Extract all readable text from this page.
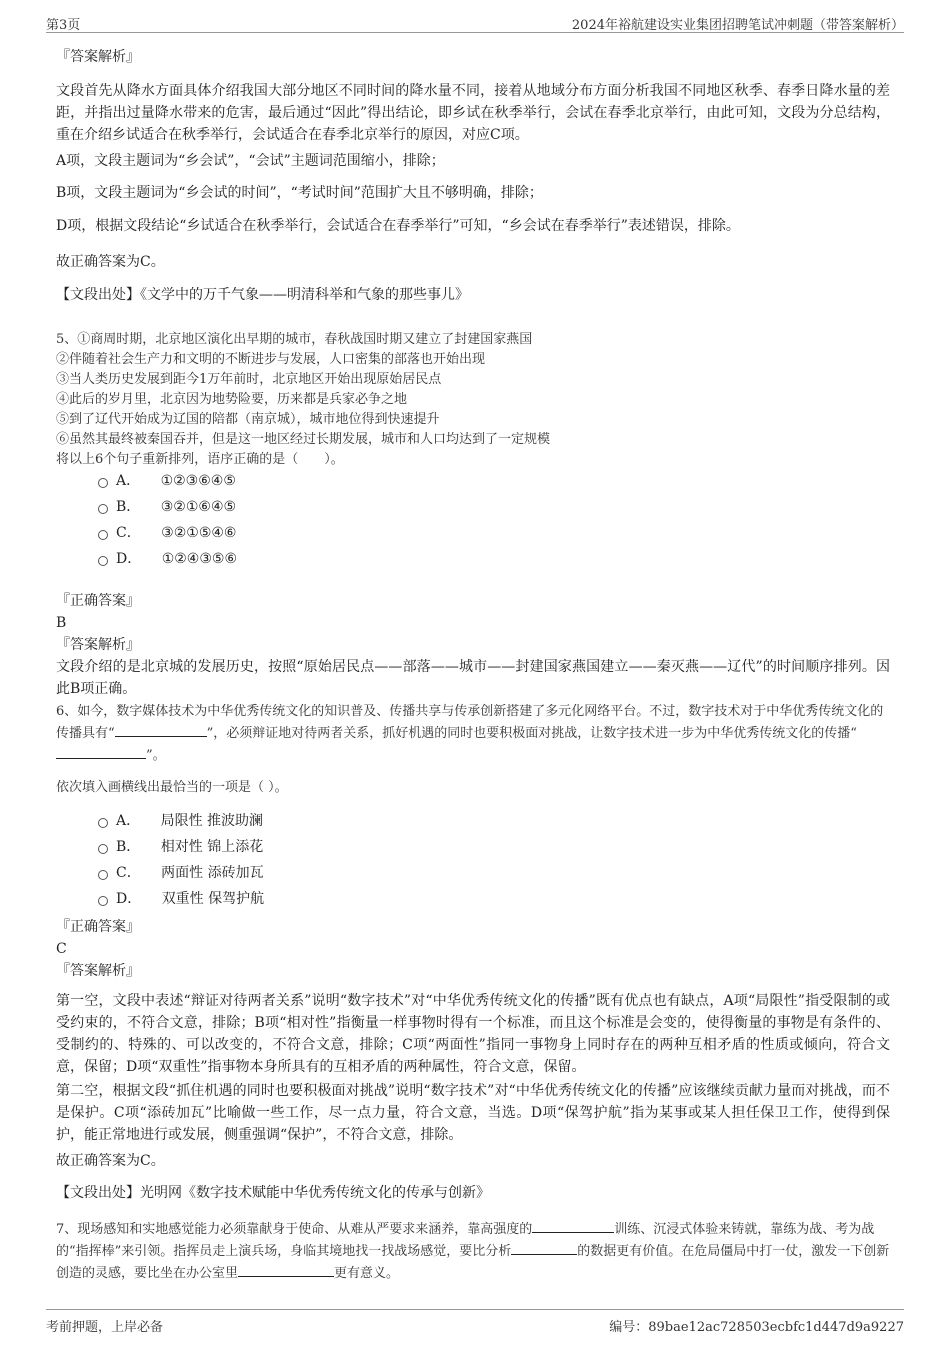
第3页	2024年裕航建设实业集团招聘笔试冲刺题（带答案解析）

『答案解析』

文段首先从降水方面具体介绍我国大部分地区不同时间的降水量不同，接着从地域分布方面分析我国不同地区秋季、春季日降水量的差距，并指出过量降水带来的危害，最后通过“因此”得出结论，即乡试在秋季举行，会试在春季北京举行，由此可知，文段为分总结构，重在介绍乡试适合在秋季举行，会试适合在春季北京举行的原因，对应C项。

A项，文段主题词为“乡会试”，“会试”主题词范围缩小，排除；

B项，文段主题词为“乡会试的时间”，“考试时间”范围扩大且不够明确，排除；

D项，根据文段结论“乡试适合在秋季举行，会试适合在春季举行”可知，“乡会试在春季举行”表述错误，排除。

故正确答案为C。

【文段出处】《文学中的万千气象——明清科举和气象的那些事儿》

5、①商周时期，北京地区演化出早期的城市，春秋战国时期又建立了封建国家燕国

②伴随着社会生产力和文明的不断进步与发展，人口密集的部落也开始出现

③当人类历史发展到距今1万年前时，北京地区开始出现原始居民点

④此后的岁月里，北京因为地势险要，历来都是兵家必争之地

⑤到了辽代开始成为辽国的陪都（南京城），城市地位得到快速提升

⑥虽然其最终被秦国吞并，但是这一地区经过长期发展，城市和人口均达到了一定规模

将以上6个句子重新排列，语序正确的是（　　）。

A． ①②③⑥④⑤
B． ③②①⑥④⑤
C． ③②①⑤④⑥
D． ①②④③⑤⑥

『正确答案』

B

『答案解析』

文段介绍的是北京城的发展历史，按照“原始居民点——部落——城市——封建国家燕国建立——秦灭燕——辽代”的时间顺序排列。因此B项正确。

6、如今，数字媒体技术为中华优秀传统文化的知识普及、传播共享与传承创新搭建了多元化网络平台。不过，数字技术对于中华优秀传统文化的传播具有“	”，必须辩证地对待两者关系，抓好机遇的同时也要积极面对挑战，让数字技术进一步为中华优秀传统文化的传播“”。

依次填入画横线出最恰当的一项是（ ）。

A． 局限性 推波助澜
B． 相对性 锦上添花
C． 两面性 添砖加瓦
D． 双重性 保驾护航

『正确答案』

C

『答案解析』

第一空，文段中表述“辩证对待两者关系”说明“数字技术”对“中华优秀传统文化的传播”既有优点也有缺点，A项“局限性”指受限制的或受约束的，不符合文意，排除；B项“相对性”指衡量一样事物时得有一个标准，而且这个标准是会变的，使得衡量的事物是有条件的、受制约的、特殊的、可以改变的，不符合文意，排除；C项“两面性”指同一事物身上同时存在的两种互相矛盾的性质或倾向，符合文意，保留；D项“双重性”指事物本身所具有的互相矛盾的两种属性，符合文意，保留。

第二空，根据文段“抓住机遇的同时也要积极面对挑战”说明“数字技术”对“中华优秀传统文化的传播”应该继续贡献力量而对挑战，而不是保护。C项“添砖加瓦”比喻做一些工作，尽一点力量，符合文意，当选。D项“保驾护航”指为某事或某人担任保卫工作，使得到保护，能正常地进行或发展，侧重强调“保护”，不符合文意，排除。

故正确答案为C。

【文段出处】光明网《数字技术赋能中华优秀传统文化的传承与创新》

7、现场感知和实地感觉能力必须靠献身于使命、从难从严要求来涵养，靠高强度的	训练、沉浸式体验来铸就，靠练为战、考为战的“指挥棒”来引领。指挥员走上演兵场，身临其境地找一找战场感觉，要比分析	的数据更有价值。在危局僵局中打一仗，激发一下创新创造的灵感，要比坐在办公室里	更有意义。

考前押题，上岸必备	编号：89bae12ac728503ecbfc1d447d9a9227
